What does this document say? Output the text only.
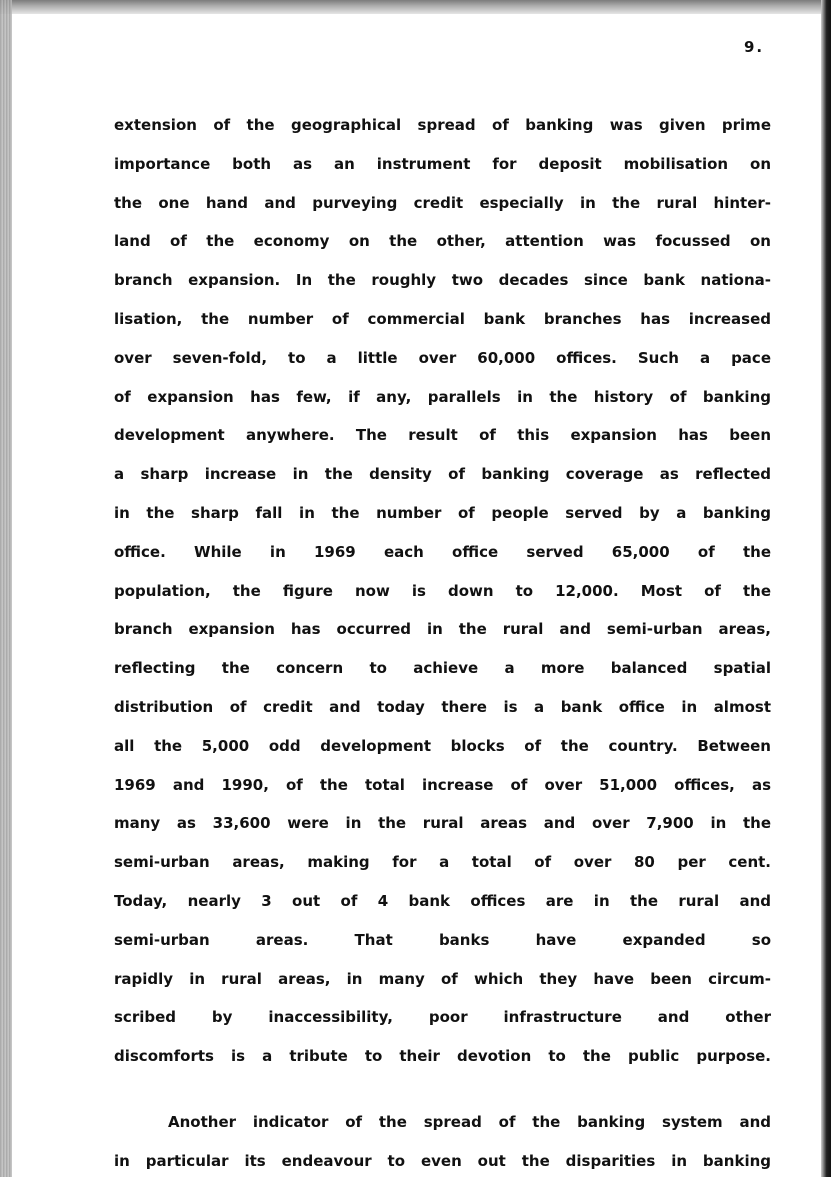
9.
extension of the geographical spread of banking was given prime
importance both as an instrument for deposit mobilisation on
the one hand and purveying credit especially in the rural hinter-
land of the economy on the other, attention was focussed on
branch expansion. In the roughly two decades since bank nationa-
lisation, the number of commercial bank branches has increased
over seven-fold, to a little over 60,000 offices. Such a pace
of expansion has few, if any, parallels in the history of banking
development anywhere. The result of this expansion has been
a sharp increase in the density of banking coverage as reflected
in the sharp fall in the number of people served by a banking
office. While in 1969 each office served 65,000 of the
population, the figure now is down to 12,000. Most of the
branch expansion has occurred in the rural and semi-urban areas,
reflecting the concern to achieve a more balanced spatial
distribution of credit and today there is a bank office in almost
all the 5,000 odd development blocks of the country. Between
1969 and 1990, of the total increase of over 51,000 offices, as
many as 33,600 were in the rural areas and over 7,900 in the
semi-urban areas, making for a total of over 80 per cent.
Today, nearly 3 out of 4 bank offices are in the rural and
semi-urban areas. That banks have expanded so
rapidly in rural areas, in many of which they have been circum-
scribed by inaccessibility, poor infrastructure and other
discomforts is a tribute to their devotion to the public purpose.
Another indicator of the spread of the banking system and
in particular its endeavour to even out the disparities in banking
